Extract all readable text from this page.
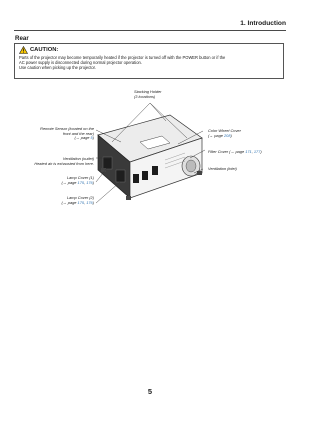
1. Introduction
Rear
CAUTION:
Parts of the projector may become temporarily heated if the projector is turned off with the POWER button or if the
AC power supply is disconnected during normal projector operation.
Use caution when picking up the projector.
Stacking Holder
(3 locations)
Remote Sensor (located on the
front and the rear)
(→ page 5)
Color Wheel Cover
(→ page 208)
Filter Cover (→ page 171, 177)
Ventilation (outlet)
Heated air is exhausted from here.
Ventilation (inlet)
Lamp Cover (1)
(→ page 175, 176)
Lamp Cover (2)
(→ page 175, 176)
5
